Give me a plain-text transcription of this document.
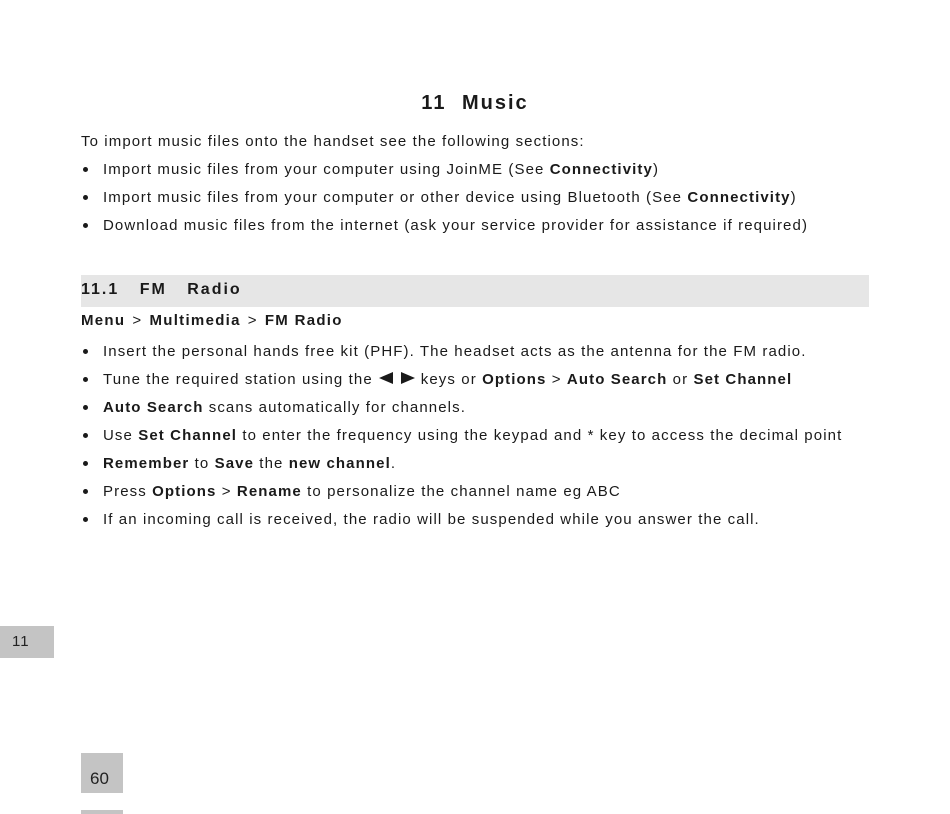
11 Music
To import music files onto the handset see the following sections:
Import music files from your computer using JoinME (See Connectivity)
Import music files from your computer or other device using Bluetooth (See Connectivity)
Download music files from the internet (ask your service provider for assistance if required)
11.1 FM Radio
Menu > Multimedia > FM Radio
Insert the personal hands free kit (PHF). The headset acts as the antenna for the FM radio.
Tune the required station using the	keys or Options > Auto Search or Set Channel
Auto Search scans automatically for channels.
Use Set Channel to enter the frequency using the keypad and * key to access the decimal point
Remember to Save the new channel.
Press Options > Rename to personalize the channel name eg ABC
If an incoming call is received, the radio will be suspended while you answer the call.
11
60
